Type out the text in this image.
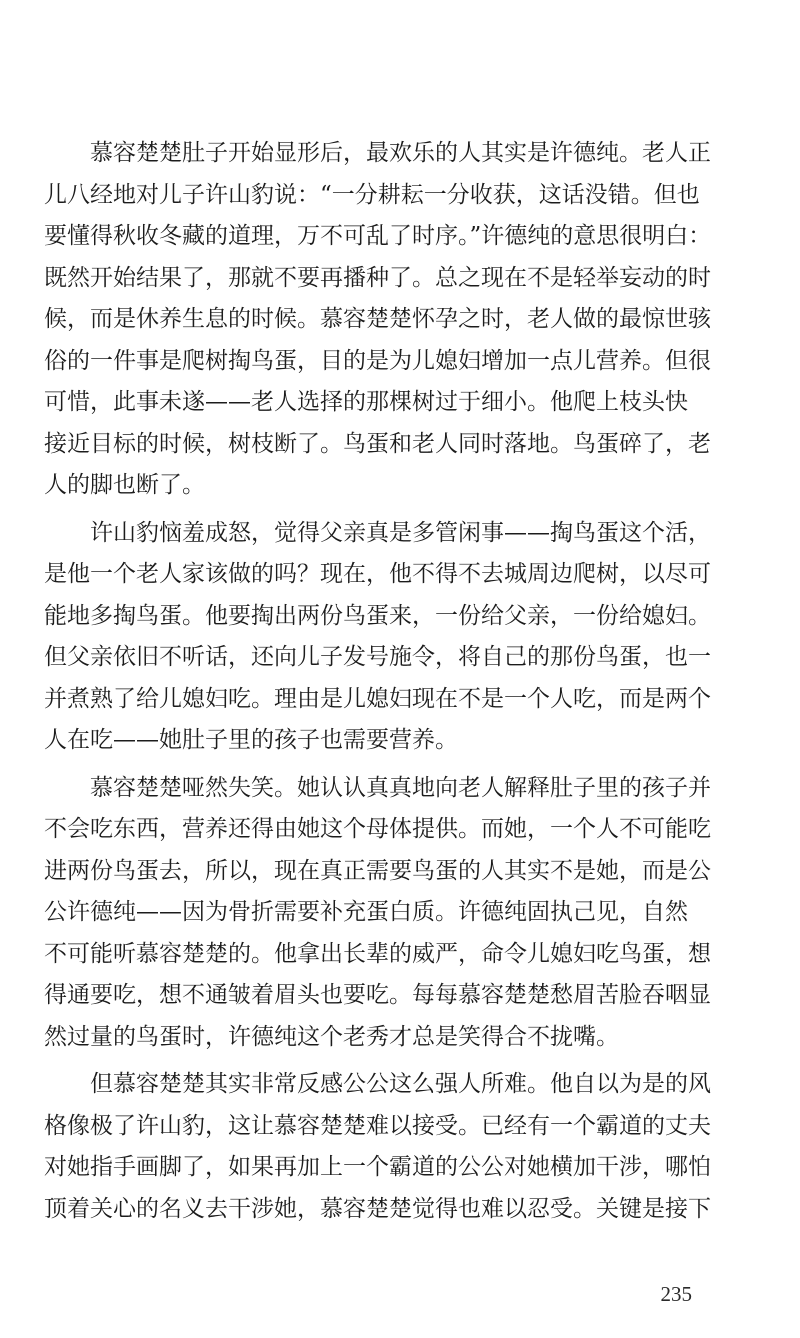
慕容楚楚肚子开始显形后，最欢乐的人其实是许德纯。老人正
儿八经地对儿子许山豹说：“一分耕耘一分收获，这话没错。但也
要懂得秋收冬藏的道理，万不可乱了时序。”许德纯的意思很明白：
既然开始结果了，那就不要再播种了。总之现在不是轻举妄动的时
候，而是休养生息的时候。慕容楚楚怀孕之时，老人做的最惊世骇
俗的一件事是爬树掏鸟蛋，目的是为儿媳妇增加一点儿营养。但很
可惜，此事未遂——老人选择的那棵树过于细小。他爬上枝头快
接近目标的时候，树枝断了。鸟蛋和老人同时落地。鸟蛋碎了，老
人的脚也断了。
许山豹恼羞成怒，觉得父亲真是多管闲事——掏鸟蛋这个活，
是他一个老人家该做的吗？现在，他不得不去城周边爬树，以尽可
能地多掏鸟蛋。他要掏出两份鸟蛋来，一份给父亲，一份给媳妇。
但父亲依旧不听话，还向儿子发号施令，将自己的那份鸟蛋，也一
并煮熟了给儿媳妇吃。理由是儿媳妇现在不是一个人吃，而是两个
人在吃——她肚子里的孩子也需要营养。
慕容楚楚哑然失笑。她认认真真地向老人解释肚子里的孩子并
不会吃东西，营养还得由她这个母体提供。而她，一个人不可能吃
进两份鸟蛋去，所以，现在真正需要鸟蛋的人其实不是她，而是公
公许德纯——因为骨折需要补充蛋白质。许德纯固执己见，自然
不可能听慕容楚楚的。他拿出长辈的威严，命令儿媳妇吃鸟蛋，想
得通要吃，想不通皱着眉头也要吃。每每慕容楚楚愁眉苦脸吞咽显
然过量的鸟蛋时，许德纯这个老秀才总是笑得合不拢嘴。
但慕容楚楚其实非常反感公公这么强人所难。他自以为是的风
格像极了许山豹，这让慕容楚楚难以接受。已经有一个霸道的丈夫
对她指手画脚了，如果再加上一个霸道的公公对她横加干涉，哪怕
顶着关心的名义去干涉她，慕容楚楚觉得也难以忍受。关键是接下
235
